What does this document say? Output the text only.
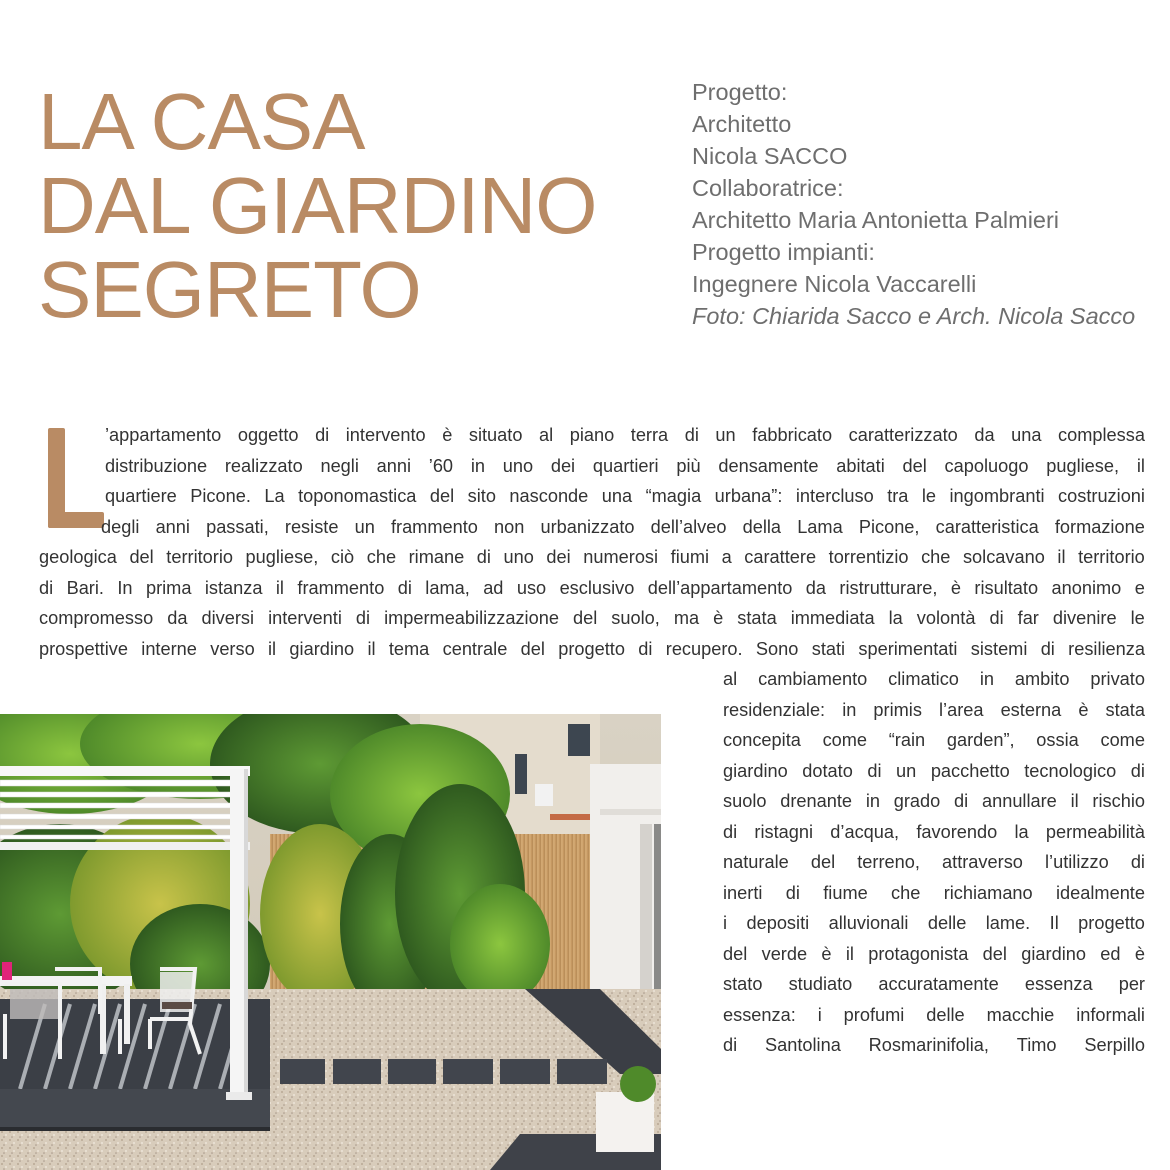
LA CASA
DAL GIARDINO
SEGRETO
Progetto:
Architetto
Nicola SACCO
Collaboratrice:
Architetto Maria Antonietta Palmieri
Progetto impianti:
Ingegnere Nicola Vaccarelli
Foto: Chiarida Sacco e Arch. Nicola Sacco
’appartamento oggetto di intervento è situato al piano terra di un fabbricato caratterizzato da una complessa
distribuzione realizzato negli anni ’60 in uno dei quartieri più densamente abitati del capoluogo pugliese, il
quartiere Picone. La toponomastica del sito nasconde una “magia urbana”: intercluso tra le ingombranti costruzioni
degli anni passati, resiste un frammento non urbanizzato dell’alveo della Lama Picone, caratteristica formazione
geologica del territorio pugliese, ciò che rimane di uno dei numerosi fiumi a carattere torrentizio che solcavano il territorio
di Bari. In prima istanza il frammento di lama, ad uso esclusivo dell’appartamento da ristrutturare, è risultato anonimo e
compromesso da diversi interventi di impermeabilizzazione del suolo, ma è stata immediata la volontà di far divenire le
prospettive interne verso il giardino il tema centrale del progetto di recupero. Sono stati sperimentati sistemi di resilienza
al cambiamento climatico in ambito privato
residenziale: in primis l’area esterna è stata
concepita come “rain garden”, ossia come
giardino dotato di un pacchetto tecnologico di
suolo drenante in grado di annullare il rischio
di ristagni d’acqua, favorendo la permeabilità
naturale del terreno, attraverso l’utilizzo di
inerti di fiume che richiamano idealmente
i depositi alluvionali delle lame. Il progetto
del verde è il protagonista del giardino ed è
stato studiato accuratamente essenza per
essenza: i profumi delle macchie informali
di Santolina Rosmarinifolia, Timo Serpillo
